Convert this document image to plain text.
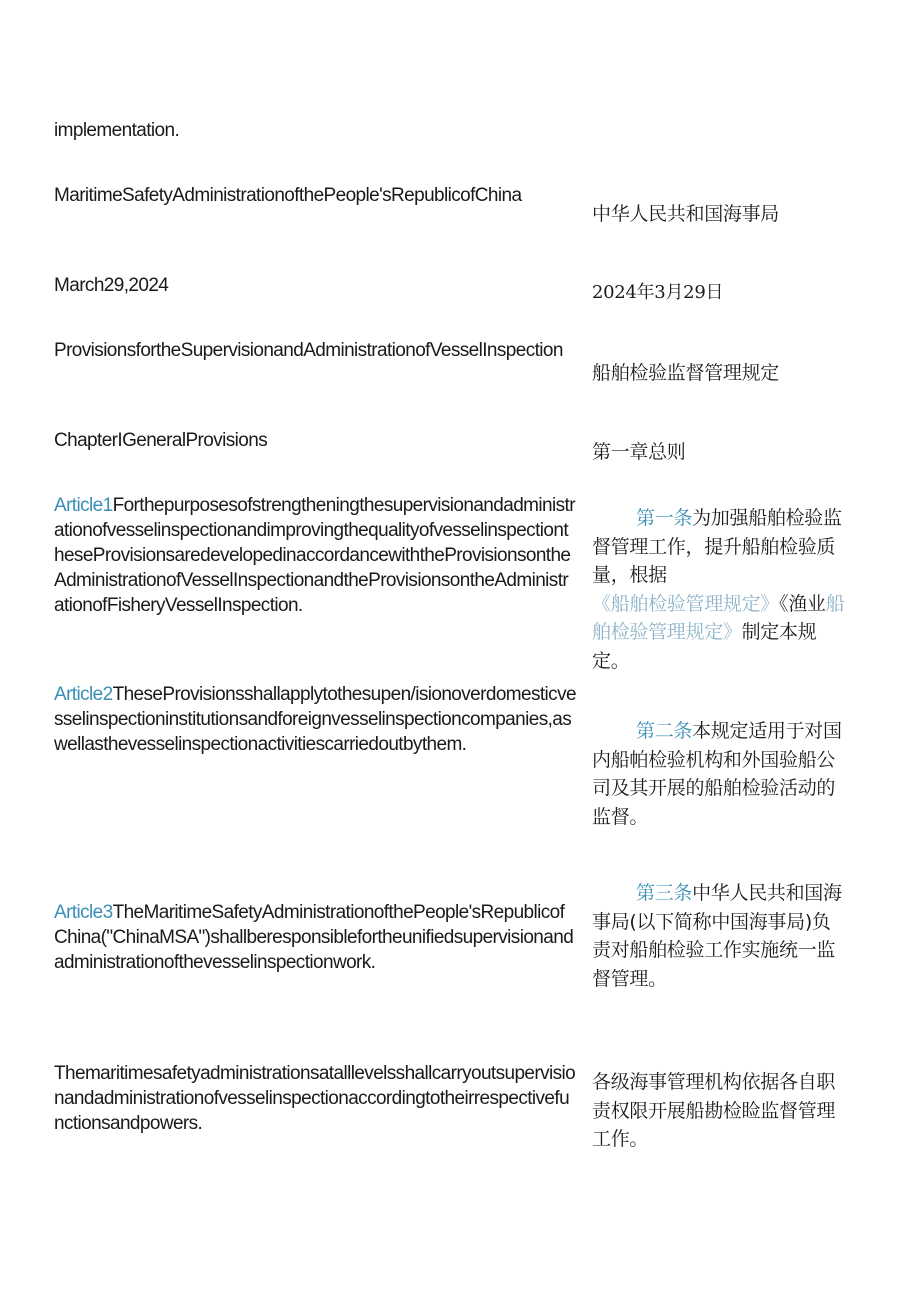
implementation.
MaritimeSafetyAdministrationofthePeople'sRepublicofChina
March29,2024
ProvisionsfortheSupervisionandAdministrationofVesselInspection
ChapterIGeneralProvisions
Article1ForthepurposesofstrengtheningthesupervisionandadministrationofvesselinspectionandimprovingthequalityofvesselinspectiontheseProvisionsaredevelopedinaccordancewiththeProvisionsontheAdministrationofVesselInspectionandtheProvisionsontheAdministrationofFisheryVesselInspection.
Article2TheseProvisionsshallapplytothesupen/isionoverdomesticvesselinspectioninstitutionsandforeignvesselinspectioncompanies,aswellasthevesselinspectionactivitiescarriedoutbythem.
Article3TheMaritimeSafetyAdministrationofthePeople'sRepublicofChina("ChinaMSA")shallberesponsiblefortheunifiedsupervisionandadministrationofthevesselinspectionwork.
Themaritimesafetyadministrationsatalllevelsshallcarryoutsupervisionandadministrationofvesselinspectionaccordingtotheirrespectivefunctionsandpowers.
中华人民共和国海事局
2024年3月29日
船舶检验监督管理规定
第一章总则
第一条为加强船舶检验监督管理工作，提升船舶检验质量，根据《船舶检验管理规定》《渔业船舶检验管理规定》制定本规定。
第二条本规定适用于对国内船帕检验机构和外国验船公司及其开展的船舶检验活动的监督。
第三条中华人民共和国海事局(以下简称中国海事局)负责对船舶检验工作实施统一监督管理。
各级海事管理机构依据各自职责权限开展船勘检睑监督管理工作。
